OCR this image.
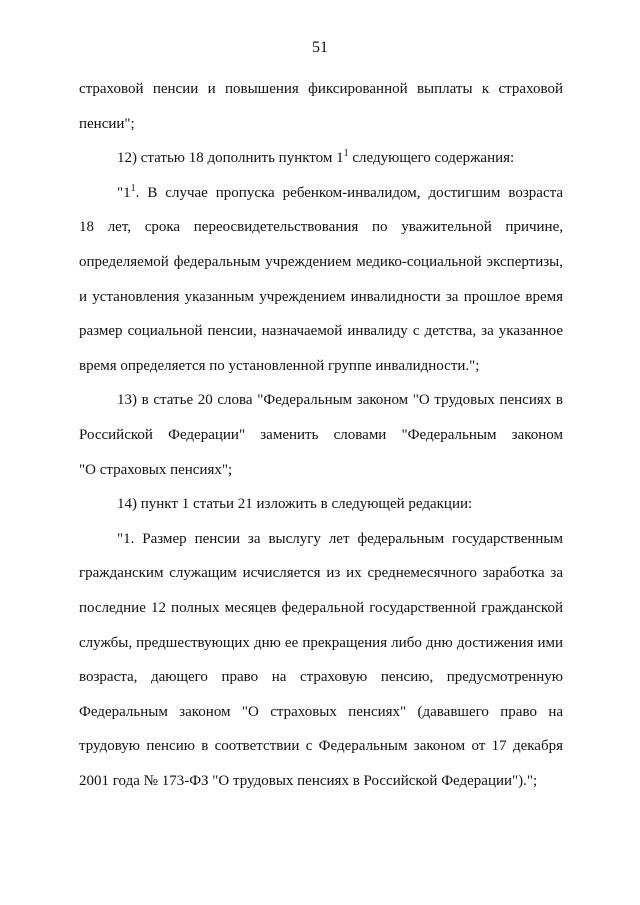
51

страховой пенсии и повышения фиксированной выплаты к страховой
пенсии";

12) статью 18 дополнить пунктом $1^1$ следующего содержания:

"$1^1$. В случае пропуска ребенком-инвалидом, достигшим возраста
18 лет, срока переосвидетельствования по уважительной причине,
определяемой федеральным учреждением медико-социальной экспертизы,
и установления указанным учреждением инвалидности за прошлое время
размер социальной пенсии, назначаемой инвалиду с детства, за указанное
время определяется по установленной группе инвалидности.";

13) в статье 20 слова "Федеральным законом "О трудовых пенсиях в
Российской Федерации" заменить словами "Федеральным законом
"О страховых пенсиях";

14) пункт 1 статьи 21 изложить в следующей редакции:

"1. Размер пенсии за выслугу лет федеральным государственным
гражданским служащим исчисляется из их среднемесячного заработка за
последние 12 полных месяцев федеральной государственной гражданской
службы, предшествующих дню ее прекращения либо дню достижения ими
возраста, дающего право на страховую пенсию, предусмотренную
Федеральным законом "О страховых пенсиях" (дававшего право на
трудовую пенсию в соответствии с Федеральным законом от 17 декабря
2001 года № 173-ФЗ "О трудовых пенсиях в Российской Федерации").";
